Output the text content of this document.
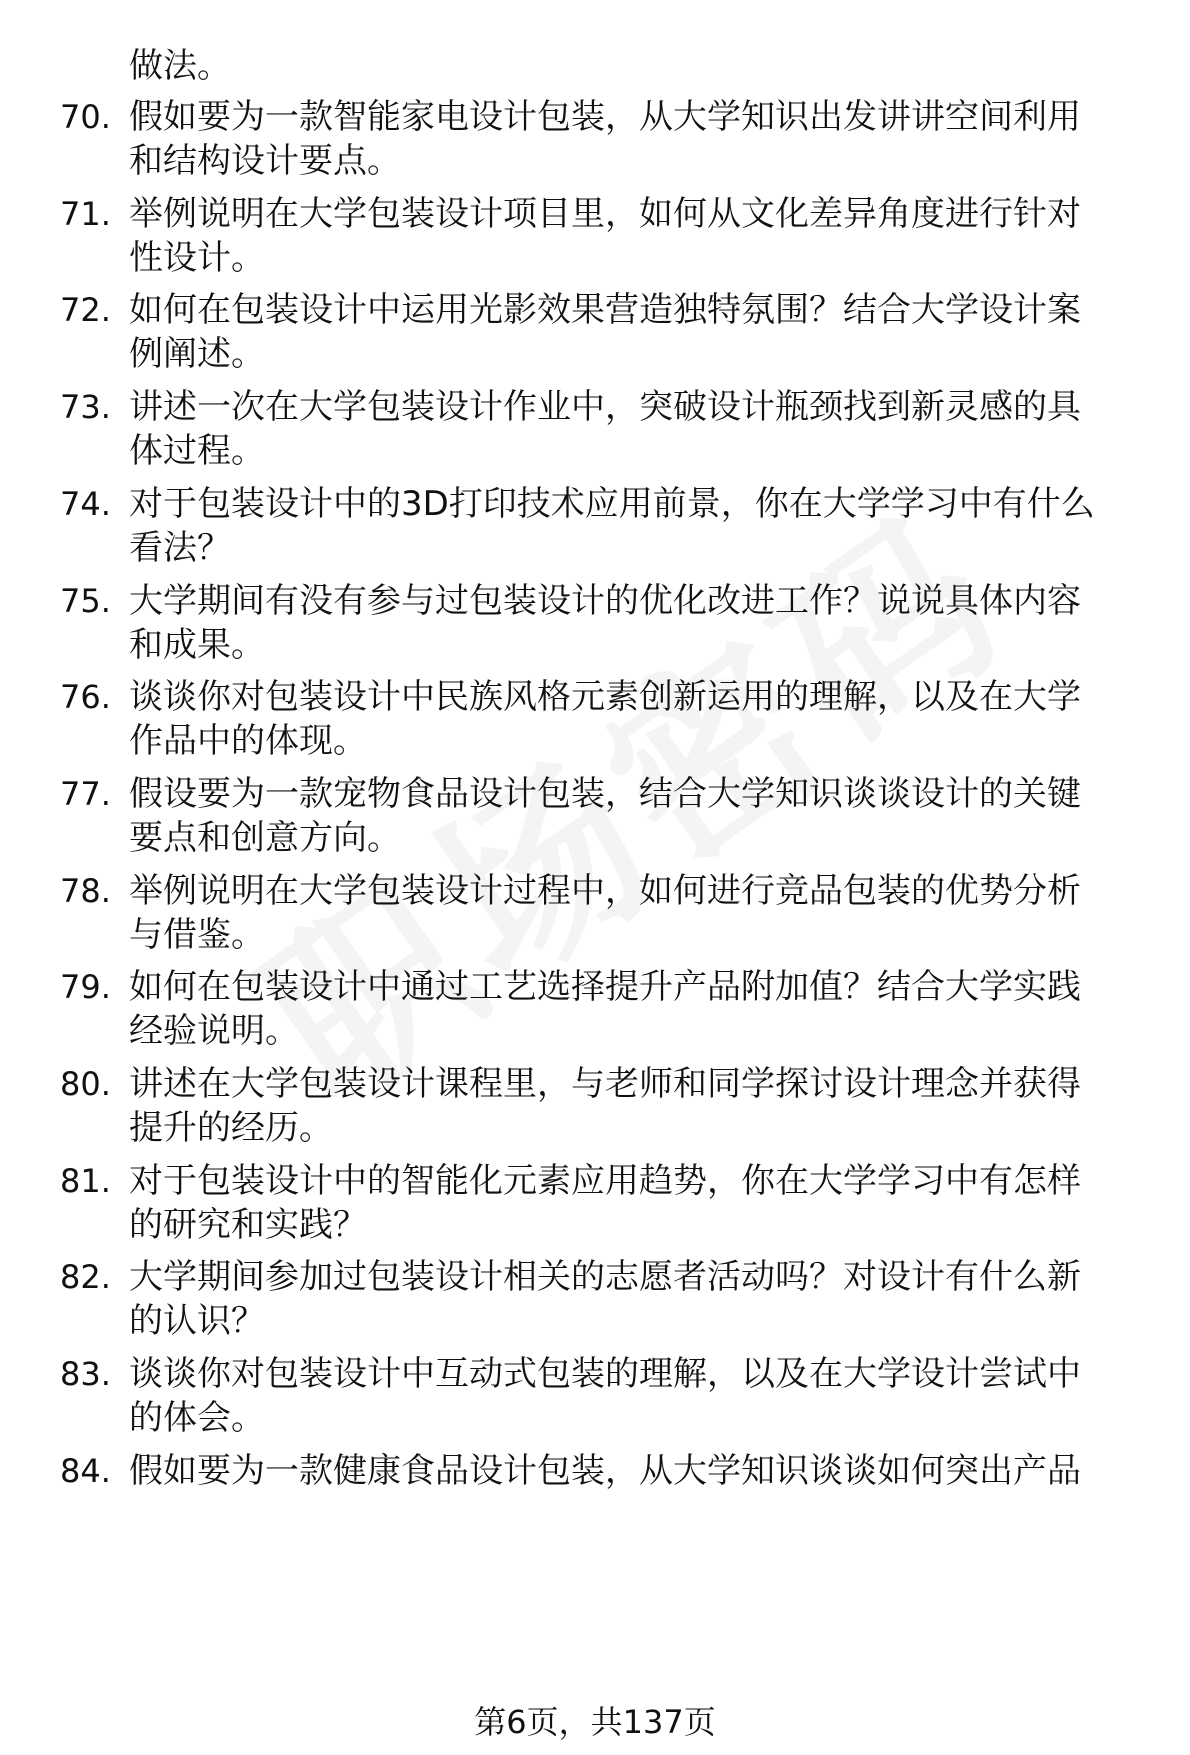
做法。
70. 假如要为一款智能家电设计包装，从大学知识出发讲讲空间利用
和结构设计要点。
71. 举例说明在大学包装设计项目里，如何从文化差异角度进行针对
性设计。
72. 如何在包装设计中运用光影效果营造独特氛围？结合大学设计案
例阐述。
73. 讲述一次在大学包装设计作业中，突破设计瓶颈找到新灵感的具
体过程。
74. 对于包装设计中的3D打印技术应用前景，你在大学学习中有什么
看法？
75. 大学期间有没有参与过包装设计的优化改进工作？说说具体内容
和成果。
76. 谈谈你对包装设计中民族风格元素创新运用的理解，以及在大学
作品中的体现。
77. 假设要为一款宠物食品设计包装，结合大学知识谈谈设计的关键
要点和创意方向。
78. 举例说明在大学包装设计过程中，如何进行竞品包装的优势分析
与借鉴。
79. 如何在包装设计中通过工艺选择提升产品附加值？结合大学实践
经验说明。
80. 讲述在大学包装设计课程里，与老师和同学探讨设计理念并获得
提升的经历。
81. 对于包装设计中的智能化元素应用趋势，你在大学学习中有怎样
的研究和实践？
82. 大学期间参加过包装设计相关的志愿者活动吗？对设计有什么新
的认识？
83. 谈谈你对包装设计中互动式包装的理解，以及在大学设计尝试中
的体会。
84. 假如要为一款健康食品设计包装，从大学知识谈谈如何突出产品
第6页，共137页
